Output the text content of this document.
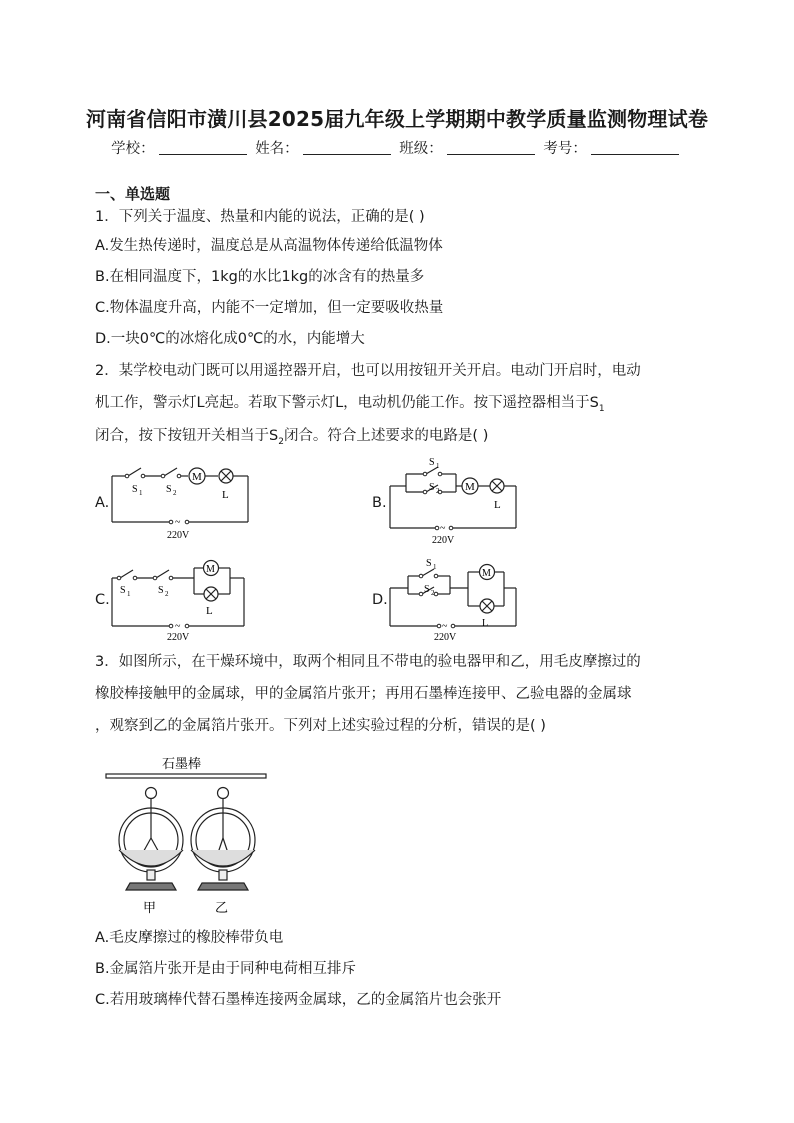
河南省信阳市潢川县2025届九年级上学期期中教学质量监测物理试卷
学校：	姓名：	班级：	考号：
一、单选题
1．下列关于温度、热量和内能的说法，正确的是( )
A.发生热传递时，温度总是从高温物体传递给低温物体
B.在相同温度下，1kg的水比1kg的冰含有的热量多
C.物体温度升高，内能不一定增加，但一定要吸收热量
D.一块0℃的冰熔化成0℃的水，内能增大
2．某学校电动门既可以用遥控器开启，也可以用按钮开关开启。电动门开启时，电动
机工作，警示灯L亮起。若取下警示灯L，电动机仍能工作。按下遥控器相当于$S_1$
闭合，按下按钮开关相当于$S_2$闭合。符合上述要求的电路是( )
A.
M
L
S 1 S 2
~
220V
B.
M
L
S 1
S 2
~
220V
C.
M
L
S 1	S 2
~
220V
D.
M
L
S 1
S 2
~
220V
3．如图所示，在干燥环境中，取两个相同且不带电的验电器甲和乙，用毛皮摩擦过的
橡胶棒接触甲的金属球，甲的金属箔片张开；再用石墨棒连接甲、乙验电器的金属球
，观察到乙的金属箔片张开。下列对上述实验过程的分析，错误的是( )
石墨棒
甲	乙
A.毛皮摩擦过的橡胶棒带负电
B.金属箔片张开是由于同种电荷相互排斥
C.若用玻璃棒代替石墨棒连接两金属球，乙的金属箔片也会张开
